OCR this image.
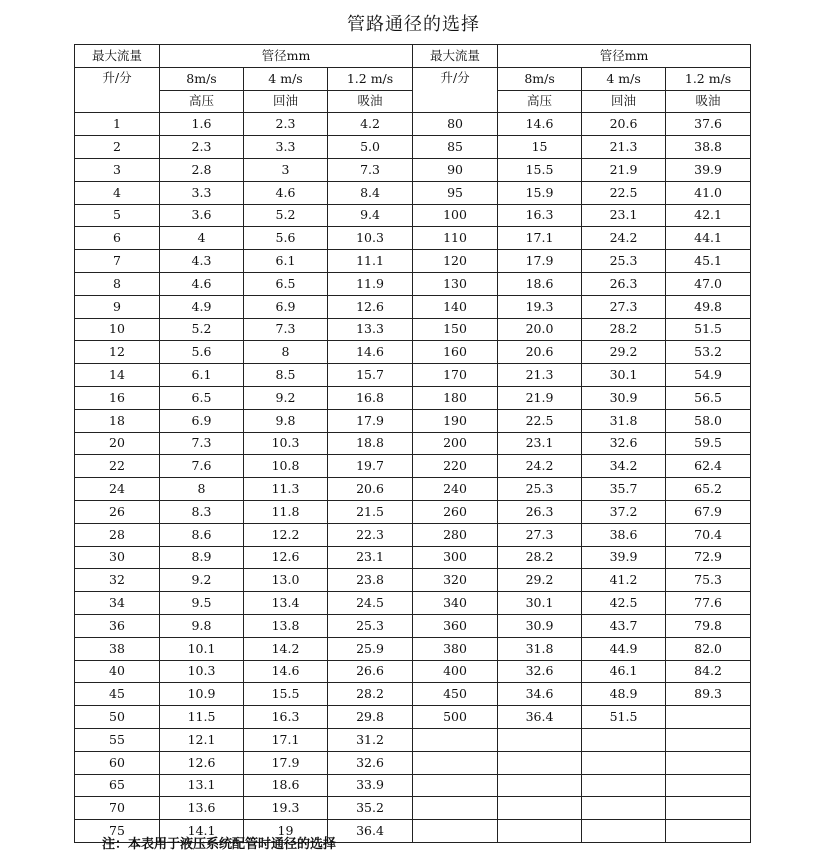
管路通径的选择
最大流量	管径mm			最大流量	管径mm		
升/分	8m/s	4 m/s	1.2 m/s	升/分	8m/s	4 m/s	1.2 m/s
	高压	回油	吸油		高压	回油	吸油
1	1.6	2.3	4.2	80	14.6	20.6	37.6
2	2.3	3.3	5.0	85	15	21.3	38.8
3	2.8	3	7.3	90	15.5	21.9	39.9
4	3.3	4.6	8.4	95	15.9	22.5	41.0
5	3.6	5.2	9.4	100	16.3	23.1	42.1
6	4	5.6	10.3	110	17.1	24.2	44.1
7	4.3	6.1	11.1	120	17.9	25.3	45.1
8	4.6	6.5	11.9	130	18.6	26.3	47.0
9	4.9	6.9	12.6	140	19.3	27.3	49.8
10	5.2	7.3	13.3	150	20.0	28.2	51.5
12	5.6	8	14.6	160	20.6	29.2	53.2
14	6.1	8.5	15.7	170	21.3	30.1	54.9
16	6.5	9.2	16.8	180	21.9	30.9	56.5
18	6.9	9.8	17.9	190	22.5	31.8	58.0
20	7.3	10.3	18.8	200	23.1	32.6	59.5
22	7.6	10.8	19.7	220	24.2	34.2	62.4
24	8	11.3	20.6	240	25.3	35.7	65.2
26	8.3	11.8	21.5	260	26.3	37.2	67.9
28	8.6	12.2	22.3	280	27.3	38.6	70.4
30	8.9	12.6	23.1	300	28.2	39.9	72.9
32	9.2	13.0	23.8	320	29.2	41.2	75.3
34	9.5	13.4	24.5	340	30.1	42.5	77.6
36	9.8	13.8	25.3	360	30.9	43.7	79.8
38	10.1	14.2	25.9	380	31.8	44.9	82.0
40	10.3	14.6	26.6	400	32.6	46.1	84.2
45	10.9	15.5	28.2	450	34.6	48.9	89.3
50	11.5	16.3	29.8	500	36.4	51.5	
55	12.1	17.1	31.2				
60	12.6	17.9	32.6				
65	13.1	18.6	33.9				
70	13.6	19.3	35.2				
75	14.1	19	36.4				
注：本表用于液压系统配管时通径的选择
